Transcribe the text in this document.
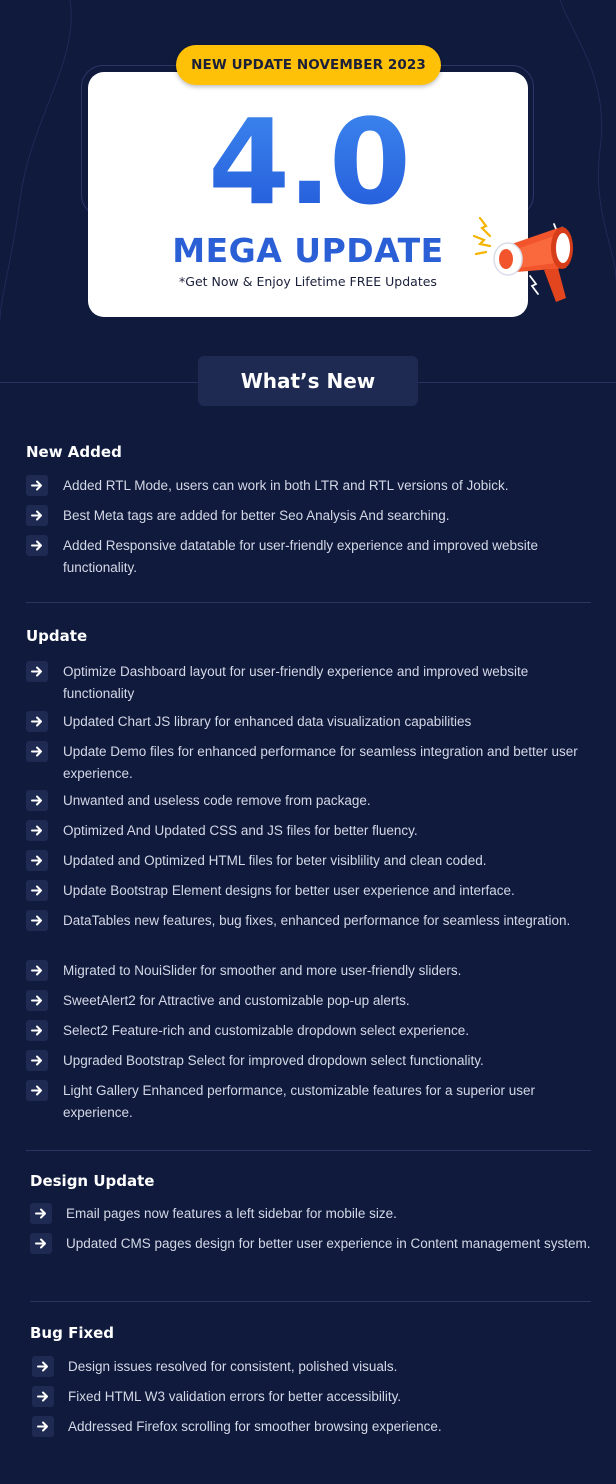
NEW UPDATE NOVEMBER 2023
4.0
MEGA UPDATE
*Get Now & Enjoy Lifetime FREE Updates
What’s New
New Added
Added RTL Mode, users can work in both LTR and RTL versions of Jobick.
Best Meta tags are added for better Seo Analysis And searching.
Added Responsive datatable for user-friendly experience and improved website functionality.
Update
Optimize Dashboard layout for user-friendly experience and improved website functionality
Updated Chart JS library for enhanced data visualization capabilities
Update Demo files for enhanced performance for seamless integration and better user experience.
Unwanted and useless code remove from package.
Optimized And Updated CSS and JS files for better fluency.
Updated and Optimized HTML files for beter visiblility and clean coded.
Update Bootstrap Element designs for better user experience and interface.
DataTables new features, bug fixes, enhanced performance for seamless integration.
Migrated to NouiSlider for smoother and more user-friendly sliders.
SweetAlert2 for Attractive and customizable pop-up alerts.
Select2 Feature-rich and customizable dropdown select experience.
Upgraded Bootstrap Select for improved dropdown select functionality.
Light Gallery Enhanced performance, customizable features for a superior user experience.
Design Update
Email pages now features a left sidebar for mobile size.
Updated CMS pages design for better user experience in Content management system.
Bug Fixed
Design issues resolved for consistent, polished visuals.
Fixed HTML W3 validation errors for better accessibility.
Addressed Firefox scrolling for smoother browsing experience.
